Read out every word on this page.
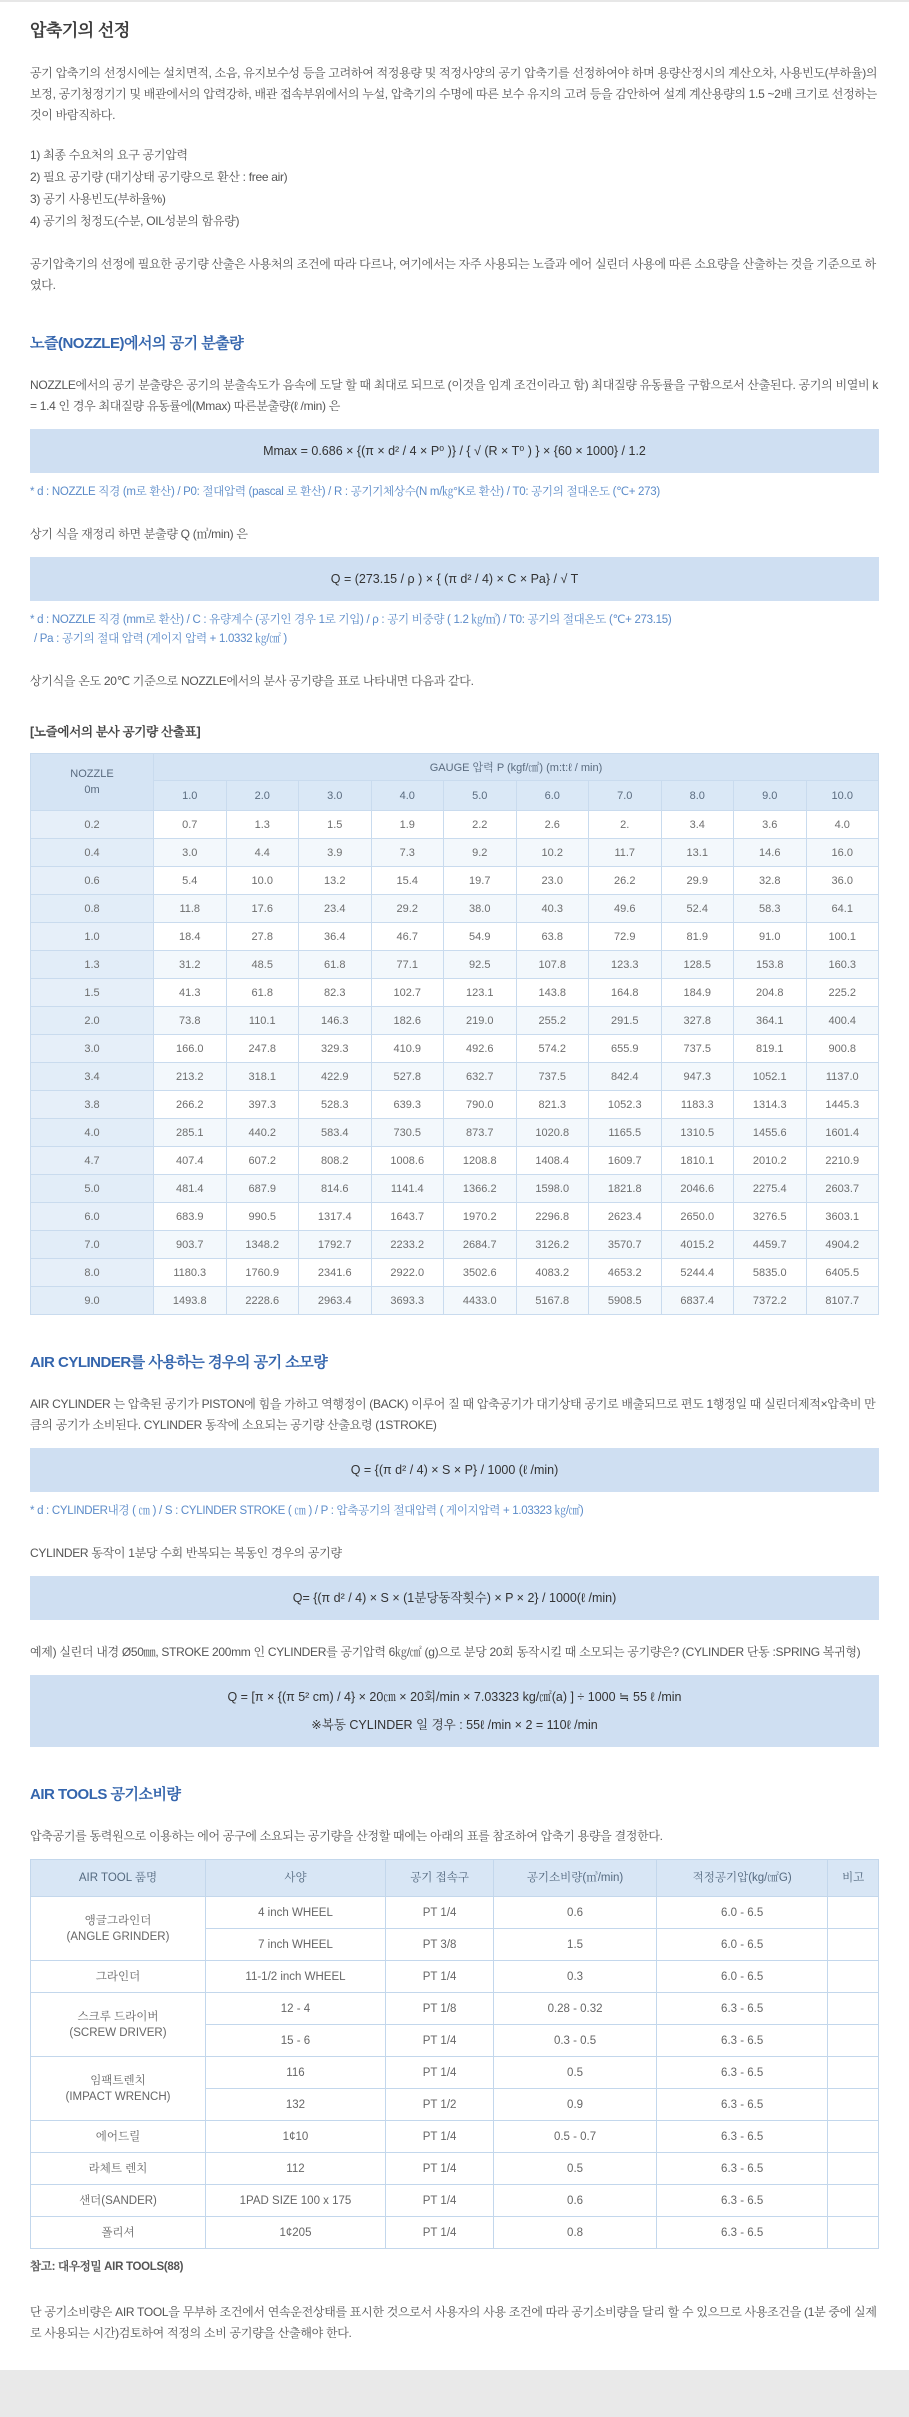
압축기의 선정

공기 압축기의 선정시에는 설치면적, 소음, 유지보수성 등을 고려하여 적정용량 및 적정사양의 공기 압축기를 선정하여야 하며 용량산정시의 계산오차, 사용빈도(부하율)의 보정, 공기청정기기 및 배관에서의 압력강하, 배관 접속부위에서의 누설, 압축기의 수명에 따른 보수 유지의 고려 등을 감안하여 설계 계산용량의 1.5 ~2배 크기로 선정하는 것이 바람직하다.

1) 최종 수요처의 요구 공기압력

2) 필요 공기량 (대기상태 공기량으로 환산 : free air)

3) 공기 사용빈도(부하율%)

4) 공기의 청정도(수분, OIL성분의 함유량)

공기압축기의 선정에 필요한 공기량 산출은 사용처의 조건에 따라 다르나, 여기에서는 자주 사용되는 노즐과 에어 실린더 사용에 따른 소요량을 산출하는 것을 기준으로 하였다.

노즐(NOZZLE)에서의 공기 분출량

NOZZLE에서의 공기 분출량은 공기의 분출속도가 음속에 도달 할 때 최대로 되므로 (이것을 임계 조건이라고 함) 최대질량 유동률을 구함으로서 산출된다. 공기의 비열비 k = 1.4 인 경우 최대질량 유동률에(Mmax) 따른분출량(ℓ /min) 은

Mmax = 0.686 × {(π × d² / 4 × P⁰ )} / { √ (R × T⁰ ) } × {60 × 1000} / 1.2

* d : NOZZLE 직경 (m로 환산) / P0: 절대압력 (pascal 로 환산) / R : 공기기체상수(N m/㎏°K로 환산) / T0: 공기의 절대온도 (℃+ 273)

상기 식을 재정리 하면 분출량 Q (㎥/min) 은

Q = (273.15 / ρ ) × { (π d² / 4) × C × Pa} / √ T

* d : NOZZLE 직경 (mm로 환산) / C : 유량계수 (공기인 경우 1로 기입) / ρ : 공기 비중량 ( 1.2 ㎏/㎥) / T0: 공기의 절대온도 (℃+ 273.15)

/ Pa : 공기의 절대 압력 (게이지 압력 + 1.0332 ㎏/㎠ )

상기식을 온도 20℃ 기준으로 NOZZLE에서의 분사 공기량을 표로 나타내면 다음과 같다.

[노즐에서의 분사 공기량 산출표]

NOZZLE
0m	GAUGE 압력 P (kgf/㎠) (m:t:ℓ / min)									
	1.0	2.0	3.0	4.0	5.0	6.0	7.0	8.0	9.0	10.0
0.2	0.7	1.3	1.5	1.9	2.2	2.6	2.	3.4	3.6	4.0
0.4	3.0	4.4	3.9	7.3	9.2	10.2	11.7	13.1	14.6	16.0
0.6	5.4	10.0	13.2	15.4	19.7	23.0	26.2	29.9	32.8	36.0
0.8	11.8	17.6	23.4	29.2	38.0	40.3	49.6	52.4	58.3	64.1
1.0	18.4	27.8	36.4	46.7	54.9	63.8	72.9	81.9	91.0	100.1
1.3	31.2	48.5	61.8	77.1	92.5	107.8	123.3	128.5	153.8	160.3
1.5	41.3	61.8	82.3	102.7	123.1	143.8	164.8	184.9	204.8	225.2
2.0	73.8	110.1	146.3	182.6	219.0	255.2	291.5	327.8	364.1	400.4
3.0	166.0	247.8	329.3	410.9	492.6	574.2	655.9	737.5	819.1	900.8
3.4	213.2	318.1	422.9	527.8	632.7	737.5	842.4	947.3	1052.1	1137.0
3.8	266.2	397.3	528.3	639.3	790.0	821.3	1052.3	1183.3	1314.3	1445.3
4.0	285.1	440.2	583.4	730.5	873.7	1020.8	1165.5	1310.5	1455.6	1601.4
4.7	407.4	607.2	808.2	1008.6	1208.8	1408.4	1609.7	1810.1	2010.2	2210.9
5.0	481.4	687.9	814.6	1141.4	1366.2	1598.0	1821.8	2046.6	2275.4	2603.7
6.0	683.9	990.5	1317.4	1643.7	1970.2	2296.8	2623.4	2650.0	3276.5	3603.1
7.0	903.7	1348.2	1792.7	2233.2	2684.7	3126.2	3570.7	4015.2	4459.7	4904.2
8.0	1180.3	1760.9	2341.6	2922.0	3502.6	4083.2	4653.2	5244.4	5835.0	6405.5
9.0	1493.8	2228.6	2963.4	3693.3	4433.0	5167.8	5908.5	6837.4	7372.2	8107.7
AIR CYLINDER를 사용하는 경우의 공기 소모량

AIR CYLINDER 는 압축된 공기가 PISTON에 힘을 가하고 역행정이 (BACK) 이루어 질 때 압축공기가 대기상태 공기로 배출되므로 편도 1행정일 때 실린더제적×압축비 만큼의 공기가 소비된다. CYLINDER 동작에 소요되는 공기량 산출요령 (1STROKE)

Q = {(π d² / 4) × S × P} / 1000 (ℓ /min)

* d : CYLINDER내경 ( ㎝ ) / S : CYLINDER STROKE ( ㎝ ) / P : 압축공기의 절대압력 ( 게이지압력 + 1.03323 ㎏/㎠)

CYLINDER 동작이 1분당 수회 반복되는 복동인 경우의 공기량

Q= {(π d² / 4) × S × (1분당동작횟수) × P × 2} / 1000(ℓ /min)

예제) 실린더 내경 Ø50㎜, STROKE 200mm 인 CYLINDER를 공기압력 6㎏/㎠ (g)으로 분당 20회 동작시킬 때 소모되는 공기량은? (CYLINDER 단동 :SPRING 복귀형)

Q = [π × {(π 5² cm) / 4} × 20㎝ × 20회/min × 7.03323 kg/㎠(a) ] ÷ 1000 ≒ 55 ℓ /min
※복동 CYLINDER 일 경우 : 55ℓ /min × 2 = 110ℓ /min
AIR TOOLS 공기소비량

압축공기를 동력원으로 이용하는 에어 공구에 소요되는 공기량을 산정할 때에는 아래의 표를 참조하여 압축기 용량을 결정한다.

AIR TOOL 품명	사양	공기 접속구	공기소비량(㎥/min)	적정공기압(kg/㎠G)	비고
앵글그라인더
(ANGLE GRINDER)	4 inch WHEEL	PT 1/4	0.6	6.0 - 6.5	
	7 inch WHEEL	PT 3/8	1.5	6.0 - 6.5	
그라인더	11-1/2 inch WHEEL	PT 1/4	0.3	6.0 - 6.5	
스크루 드라이버
(SCREW DRIVER)	12 - 4	PT 1/8	0.28 - 0.32	6.3 - 6.5	
	15 - 6	PT 1/4	0.3 - 0.5	6.3 - 6.5	
임팩트렌치
(IMPACT WRENCH)	116	PT 1/4	0.5	6.3 - 6.5	
	132	PT 1/2	0.9	6.3 - 6.5	
에어드릴	1¢10	PT 1/4	0.5 - 0.7	6.3 - 6.5	
라체트 렌치	112	PT 1/4	0.5	6.3 - 6.5	
샌더(SANDER)	1PAD SIZE 100 x 175	PT 1/4	0.6	6.3 - 6.5	
폴리셔	1¢205	PT 1/4	0.8	6.3 - 6.5	

참고: 대우정밀 AIR TOOLS(88)

단 공기소비량은 AIR TOOL을 무부하 조건에서 연속운전상태를 표시한 것으로서 사용자의 사용 조건에 따라 공기소비량을 달리 할 수 있으므로 사용조건을 (1분 중에 실제로 사용되는 시간)검토하여 적정의 소비 공기량을 산출해야 한다.
